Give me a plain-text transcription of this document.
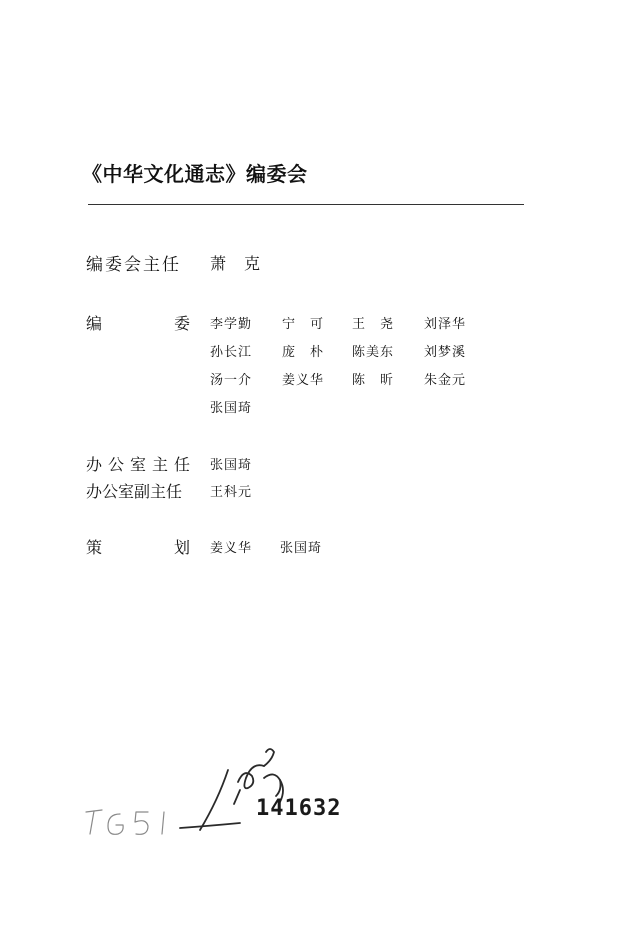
《中华文化通志》编委会
编委会主任 萧　克
编	委 李学勤 宁　可 王　尧 刘泽华
孙长江 庞　朴 陈美东 刘梦溪
汤一介 姜义华 陈　昕 朱金元
张国琦
办 公 室 主 任 张国琦
办公室副主任 王科元
策	划 姜义华 张国琦
141632
